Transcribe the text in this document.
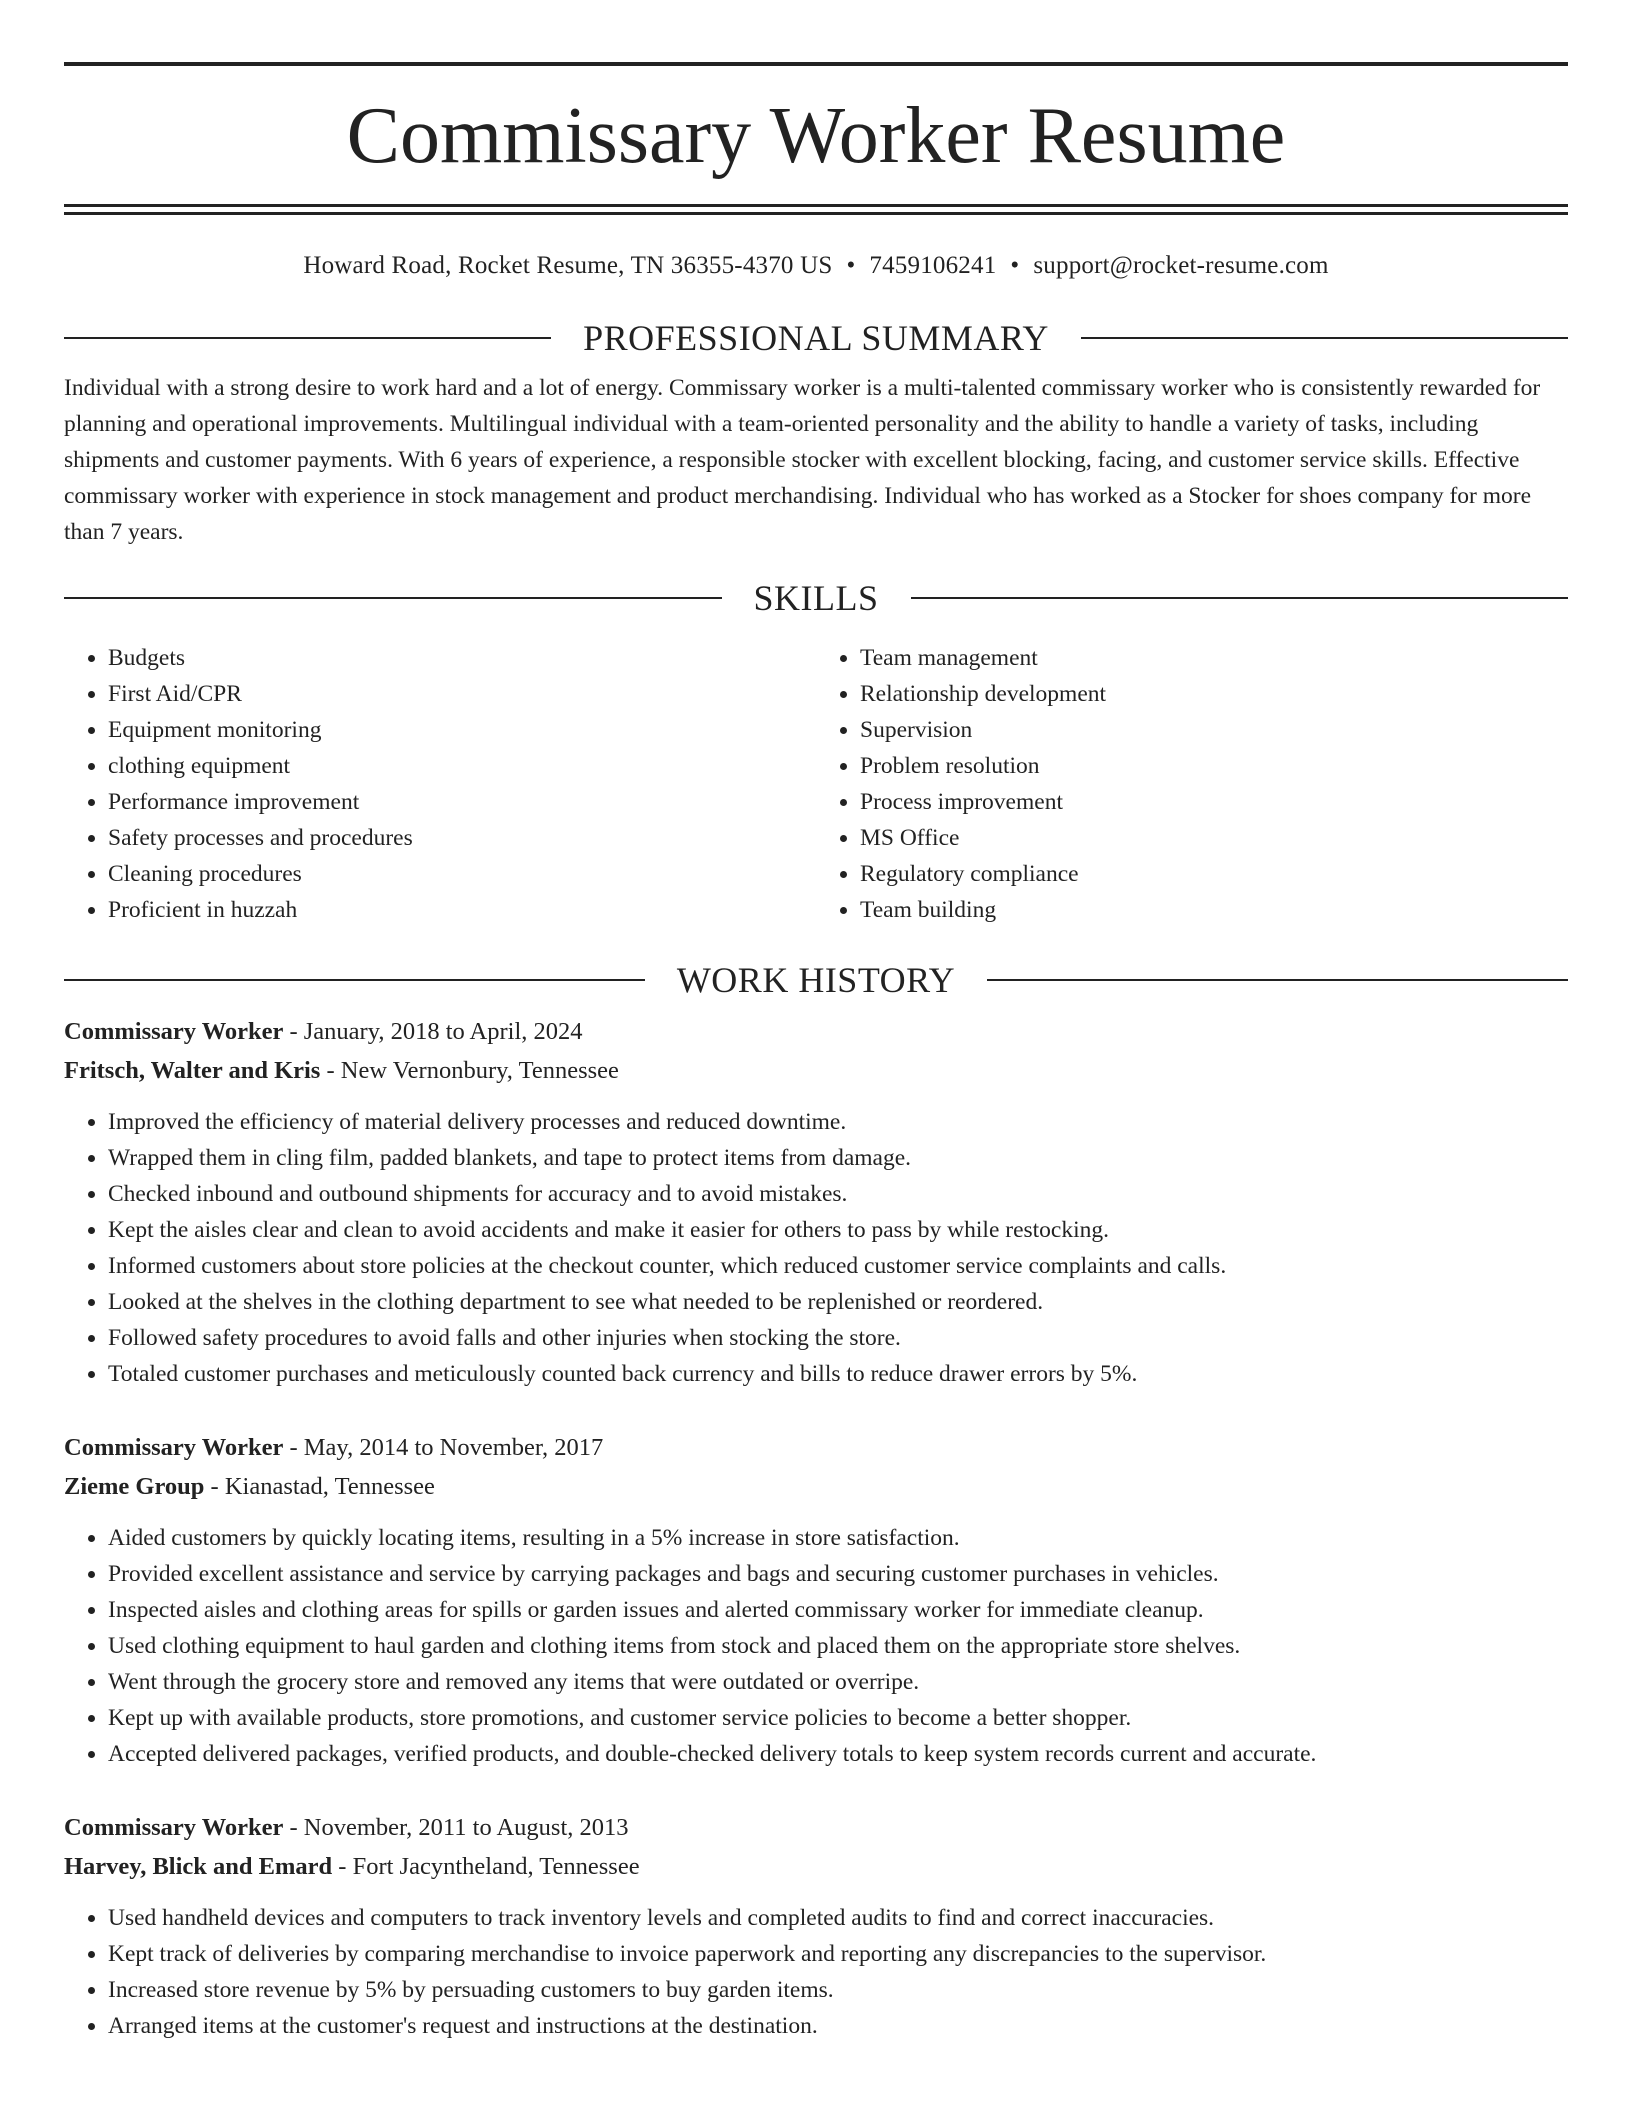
Commissary Worker Resume
Howard Road, Rocket Resume, TN 36355-4370 US • 7459106241 • support@rocket-resume.com
PROFESSIONAL SUMMARY

Individual with a strong desire to work hard and a lot of energy. Commissary worker is a multi-talented commissary worker who is consistently rewarded for planning and operational improvements. Multilingual individual with a team-oriented personality and the ability to handle a variety of tasks, including shipments and customer payments. With 6 years of experience, a responsible stocker with excellent blocking, facing, and customer service skills. Effective commissary worker with experience in stock management and product merchandising. Individual who has worked as a Stocker for shoes company for more than 7 years.

SKILLS
• Budgets
• First Aid/CPR
• Equipment monitoring
• clothing equipment
• Performance improvement
• Safety processes and procedures
• Cleaning procedures
• Proficient in huzzah
• Team management
• Relationship development
• Supervision
• Problem resolution
• Process improvement
• MS Office
• Regulatory compliance
• Team building
WORK HISTORY
Commissary Worker - January, 2018 to April, 2024
Fritsch, Walter and Kris - New Vernonbury, Tennessee
• Improved the efficiency of material delivery processes and reduced downtime.
• Wrapped them in cling film, padded blankets, and tape to protect items from damage.
• Checked inbound and outbound shipments for accuracy and to avoid mistakes.
• Kept the aisles clear and clean to avoid accidents and make it easier for others to pass by while restocking.
• Informed customers about store policies at the checkout counter, which reduced customer service complaints and calls.
• Looked at the shelves in the clothing department to see what needed to be replenished or reordered.
• Followed safety procedures to avoid falls and other injuries when stocking the store.
• Totaled customer purchases and meticulously counted back currency and bills to reduce drawer errors by 5%.
Commissary Worker - May, 2014 to November, 2017
Zieme Group - Kianastad, Tennessee
• Aided customers by quickly locating items, resulting in a 5% increase in store satisfaction.
• Provided excellent assistance and service by carrying packages and bags and securing customer purchases in vehicles.
• Inspected aisles and clothing areas for spills or garden issues and alerted commissary worker for immediate cleanup.
• Used clothing equipment to haul garden and clothing items from stock and placed them on the appropriate store shelves.
• Went through the grocery store and removed any items that were outdated or overripe.
• Kept up with available products, store promotions, and customer service policies to become a better shopper.
• Accepted delivered packages, verified products, and double-checked delivery totals to keep system records current and accurate.
Commissary Worker - November, 2011 to August, 2013
Harvey, Blick and Emard - Fort Jacyntheland, Tennessee
• Used handheld devices and computers to track inventory levels and completed audits to find and correct inaccuracies.
• Kept track of deliveries by comparing merchandise to invoice paperwork and reporting any discrepancies to the supervisor.
• Increased store revenue by 5% by persuading customers to buy garden items.
• Arranged items at the customer's request and instructions at the destination.
